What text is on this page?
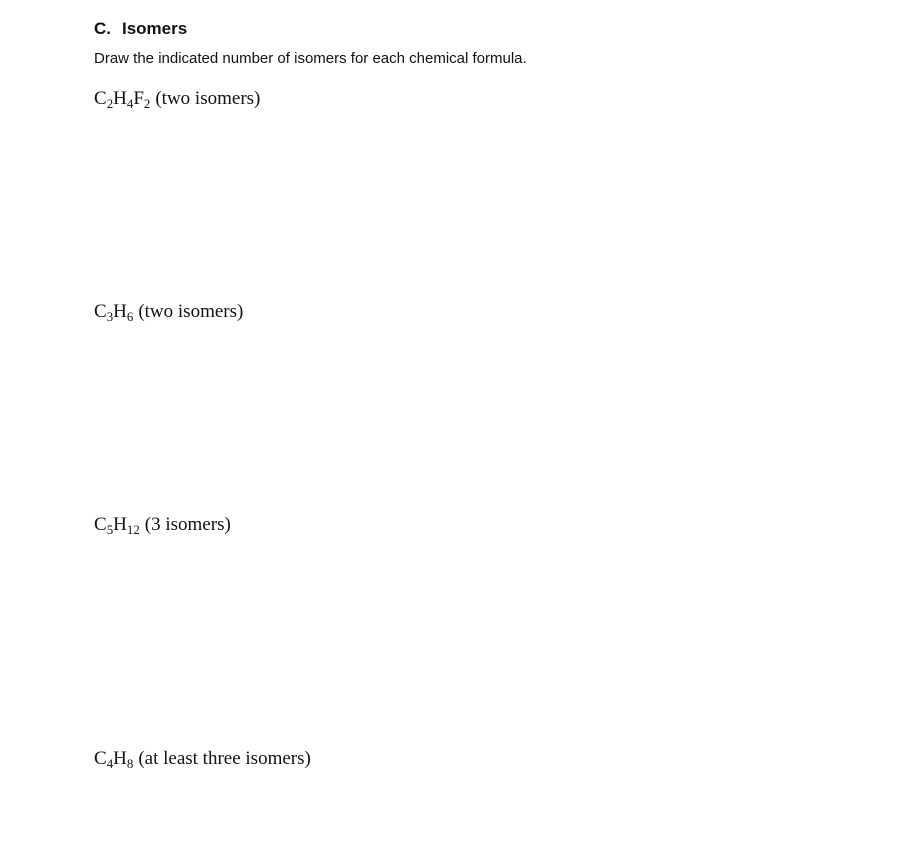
C. Isomers

Draw the indicated number of isomers for each chemical formula.

$C_2H_4F_2$ (two isomers)

$C_3H_6$ (two isomers)

$C_5H_{12}$ (3 isomers)

$C_4H_8$ (at least three isomers)
